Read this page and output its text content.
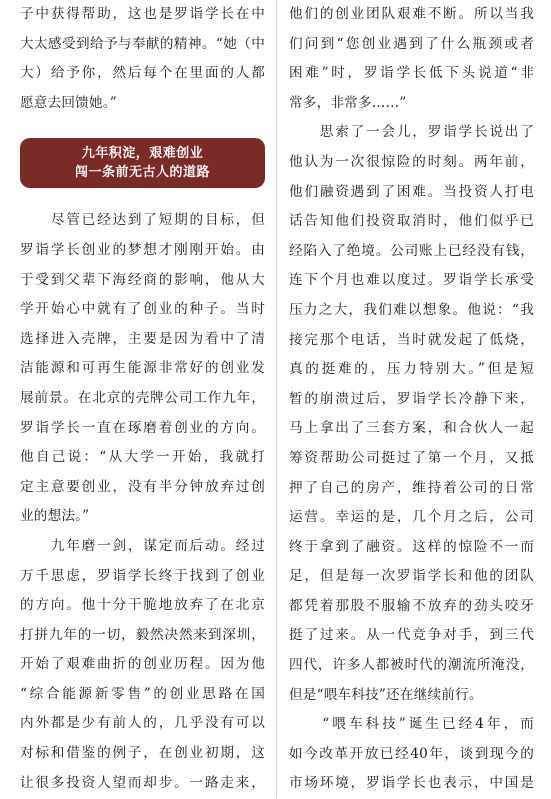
子中获得帮助，这也是罗诣学长在中
大太感受到给予与奉献的精神。“她（中
大）给予你，然后每个在里面的人都
愿意去回馈她。”

九年积淀，艰难创业
闯一条前无古人的道路

　　尽管已经达到了短期的目标，但
罗诣学长创业的梦想才刚刚开始。由
于受到父辈下海经商的影响，他从大
学开始心中就有了创业的种子。当时
选择进入壳牌，主要是因为看中了清
洁能源和可再生能源非常好的创业发
展前景。在北京的壳牌公司工作九年，
罗诣学长一直在琢磨着创业的方向。
他自己说：“从大学一开始，我就打
定主意要创业，没有半分钟放弃过创
业的想法。”

　　九年磨一剑，谋定而后动。经过
万千思虑，罗诣学长终于找到了创业
的方向。他十分干脆地放弃了在北京
打拼九年的一切，毅然决然来到深圳，
开始了艰难曲折的创业历程。因为他
“综合能源新零售”的创业思路在国
内外都是少有前人的，几乎没有可以
对标和借鉴的例子，在创业初期，这
让很多投资人望而却步。一路走来，

他们的创业团队艰难不断。所以当我
们问到“您创业遇到了什么瓶颈或者
困难”时，罗诣学长低下头说道“非
常多，非常多……”

　　思索了一会儿，罗诣学长说出了
他认为一次很惊险的时刻。两年前，
他们融资遇到了困难。当投资人打电
话告知他们投资取消时，他们似乎已
经陷入了绝境。公司账上已经没有钱，
连下个月也难以度过。罗诣学长承受
压力之大，我们难以想象。他说：“我
接完那个电话，当时就发起了低烧，
真的挺难的，压力特别大。”但是短
暂的崩溃过后，罗诣学长冷静下来，
马上拿出了三套方案，和合伙人一起
筹资帮助公司挺过了第一个月，又抵
押了自己的房产，维持着公司的日常
运营。幸运的是，几个月之后，公司
终于拿到了融资。这样的惊险不一而
足，但是每一次罗诣学长和他的团队
都凭着那股不服输不放弃的劲头咬牙
挺了过来。从一代竞争对手，到三代
四代，许多人都被时代的潮流所淹没，
但是“喂车科技”还在继续前行。

　　“喂车科技”诞生已经4年，而
如今改革开放已经40年，谈到现今的
市场环境，罗诣学长也表示，中国是
